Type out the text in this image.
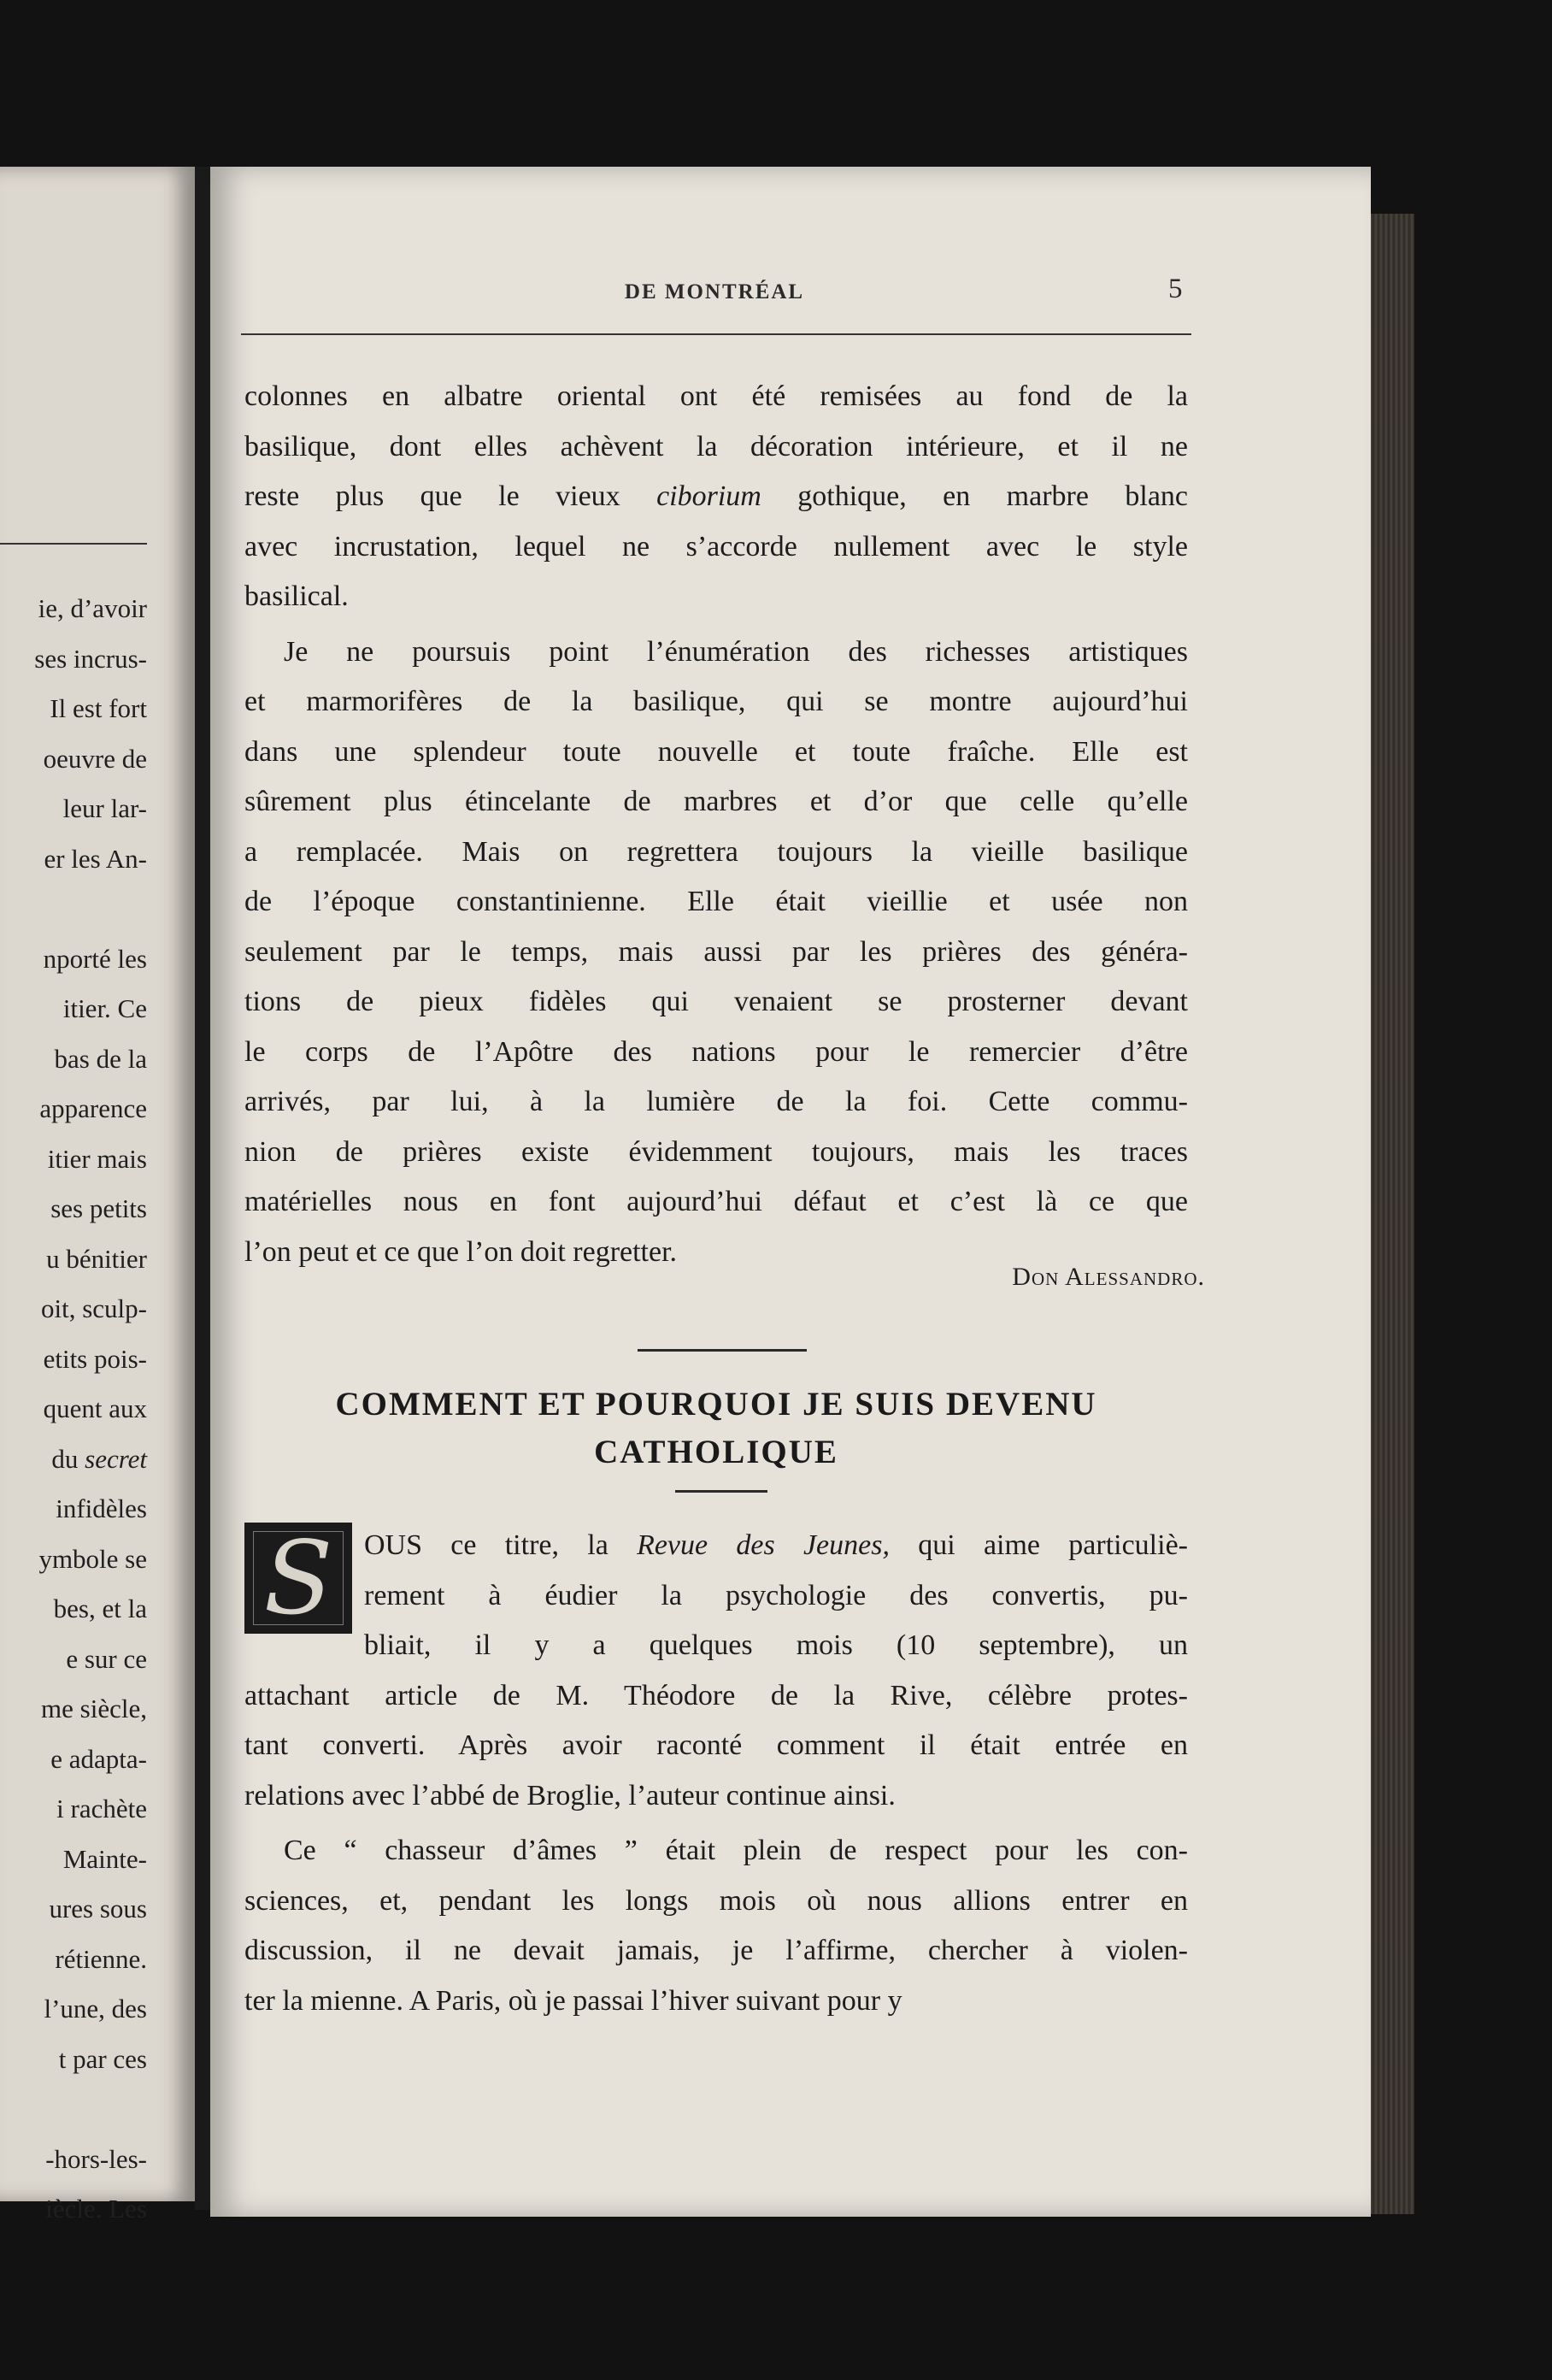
ie, d’avoir
ses incrus-
Il est fort
oeuvre de
leur lar-
er les An-
nporté les
itier. Ce
bas de la
apparence
itier mais
ses petits
u bénitier
oit, sculp-
etits pois-
quent aux
du secret
infidèles
ymbole se
bes, et la
e sur ce
me siècle,
e adapta-
i rachète
Mainte-
ures sous
rétienne.
l’une, des
t par ces
-hors-les-
iècle. Les
DE MONTRÉAL	5
colonnes en albatre oriental ont été remisées au fond de la
basilique, dont elles achèvent la décoration intérieure, et il ne
reste plus que le vieux ciborium gothique, en marbre blanc
avec incrustation, lequel ne s’accorde nullement avec le style
basilical.
Je ne poursuis point l’énumération des richesses artistiques
et marmorifères de la basilique, qui se montre aujourd’hui
dans une splendeur toute nouvelle et toute fraîche. Elle est
sûrement plus étincelante de marbres et d’or que celle qu’elle
a remplacée. Mais on regrettera toujours la vieille basilique
de l’époque constantinienne. Elle était vieillie et usée non
seulement par le temps, mais aussi par les prières des généra-
tions de pieux fidèles qui venaient se prosterner devant
le corps de l’Apôtre des nations pour le remercier d’être
arrivés, par lui, à la lumière de la foi. Cette commu-
nion de prières existe évidemment toujours, mais les traces
matérielles nous en font aujourd’hui défaut et c’est là ce que
l’on peut et ce que l’on doit regretter.
Don Alessandro.
COMMENT ET POURQUOI JE SUIS DEVENU
CATHOLIQUE
OUS ce titre, la Revue des Jeunes, qui aime particuliè-
rement à éudier la psychologie des convertis, pu-
bliait, il y a quelques mois (10 septembre), un
attachant article de M. Théodore de la Rive, célèbre protes-
tant converti. Après avoir raconté comment il était entrée en
relations avec l’abbé de Broglie, l’auteur continue ainsi.
Ce “ chasseur d’âmes ” était plein de respect pour les con-
sciences, et, pendant les longs mois où nous allions entrer en
discussion, il ne devait jamais, je l’affirme, chercher à violen-
ter la mienne. A Paris, où je passai l’hiver suivant pour y
S
